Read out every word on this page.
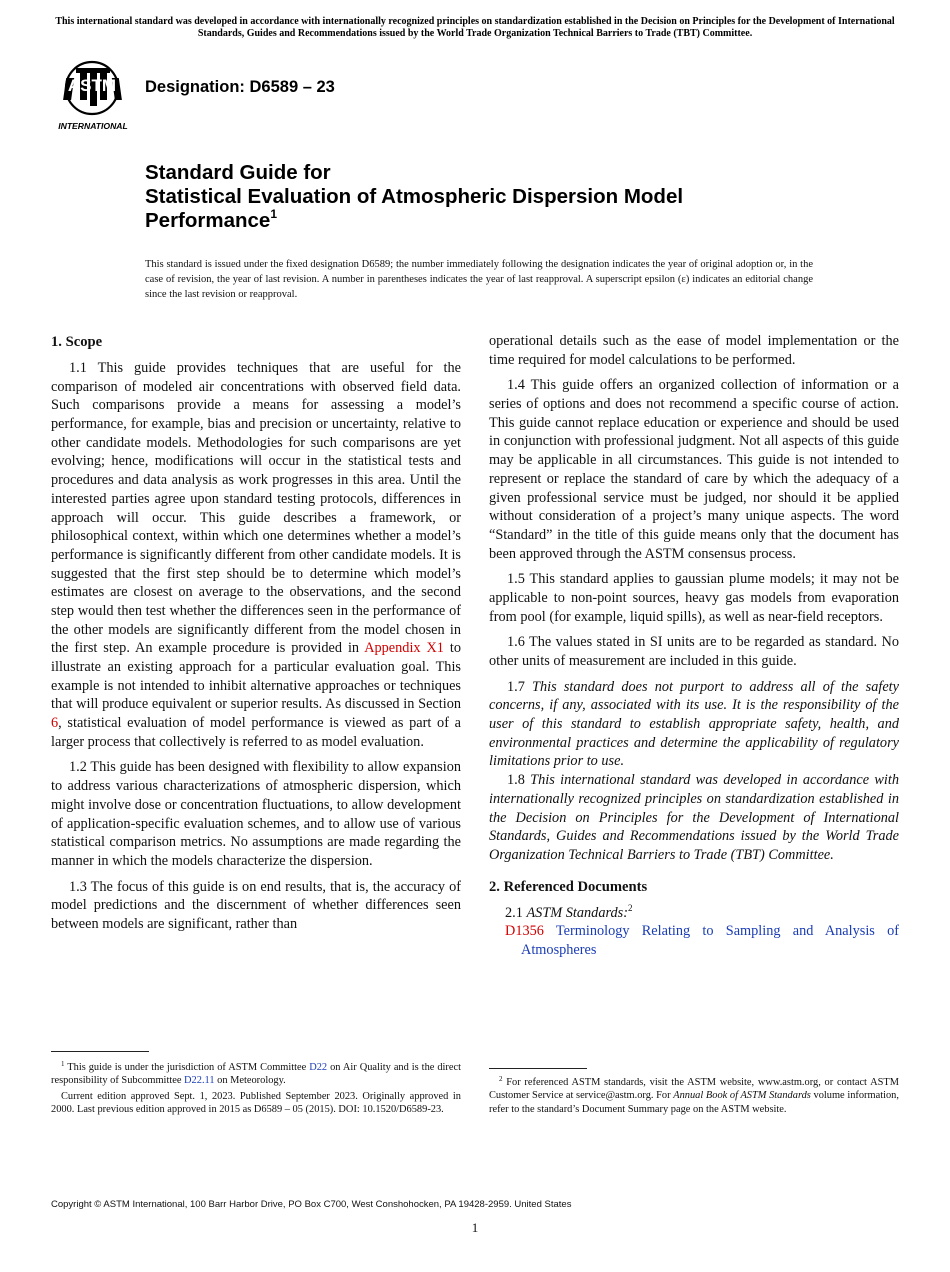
This international standard was developed in accordance with internationally recognized principles on standardization established in the Decision on Principles for the Development of International Standards, Guides and Recommendations issued by the World Trade Organization Technical Barriers to Trade (TBT) Committee.
ASTM
INTERNATIONAL
Designation: D6589 – 23
Standard Guide for
Statistical Evaluation of Atmospheric Dispersion Model
Performance$^1$
This standard is issued under the fixed designation D6589; the number immediately following the designation indicates the year of original adoption or, in the case of revision, the year of last revision. A number in parentheses indicates the year of last reapproval. A superscript epsilon (ε) indicates an editorial change since the last revision or reapproval.
1. Scope

1.1 This guide provides techniques that are useful for the comparison of modeled air concentrations with observed field data. Such comparisons provide a means for assessing a model’s performance, for example, bias and precision or uncertainty, relative to other candidate models. Methodologies for such comparisons are yet evolving; hence, modifications will occur in the statistical tests and procedures and data analysis as work progresses in this area. Until the interested parties agree upon standard testing protocols, differences in approach will occur. This guide describes a framework, or philosophical context, within which one determines whether a model’s performance is significantly different from other candidate models. It is suggested that the first step should be to determine which model’s estimates are closest on average to the observations, and the second step would then test whether the differences seen in the performance of the other models are significantly different from the model chosen in the first step. An example procedure is provided in Appendix X1 to illustrate an existing approach for a particular evaluation goal. This example is not intended to inhibit alternative approaches or techniques that will produce equivalent or superior results. As discussed in Section 6, statistical evaluation of model performance is viewed as part of a larger process that collectively is referred to as model evaluation.

1.2 This guide has been designed with flexibility to allow expansion to address various characterizations of atmospheric dispersion, which might involve dose or concentration fluctuations, to allow development of application-specific evaluation schemes, and to allow use of various statistical comparison metrics. No assumptions are made regarding the manner in which the models characterize the dispersion.

1.3 The focus of this guide is on end results, that is, the accuracy of model predictions and the discernment of whether differences seen between models are significant, rather than

operational details such as the ease of model implementation or the time required for model calculations to be performed.

1.4 This guide offers an organized collection of information or a series of options and does not recommend a specific course of action. This guide cannot replace education or experience and should be used in conjunction with professional judgment. Not all aspects of this guide may be applicable in all circumstances. This guide is not intended to represent or replace the standard of care by which the adequacy of a given professional service must be judged, nor should it be applied without consideration of a project’s many unique aspects. The word “Standard” in the title of this guide means only that the document has been approved through the ASTM consensus process.

1.5 This standard applies to gaussian plume models; it may not be applicable to non-point sources, heavy gas models from evaporation from pool (for example, liquid spills), as well as near-field receptors.

1.6 The values stated in SI units are to be regarded as standard. No other units of measurement are included in this guide.

1.7 This standard does not purport to address all of the safety concerns, if any, associated with its use. It is the responsibility of the user of this standard to establish appropriate safety, health, and environmental practices and determine the applicability of regulatory limitations prior to use.

1.8 This international standard was developed in accordance with internationally recognized principles on standardization established in the Decision on Principles for the Development of International Standards, Guides and Recommendations issued by the World Trade Organization Technical Barriers to Trade (TBT) Committee.

2. Referenced Documents

2.1 ASTM Standards:$^2$

D1356 Terminology Relating to Sampling and Analysis of Atmospheres

$^1$ This guide is under the jurisdiction of ASTM Committee D22 on Air Quality and is the direct responsibility of Subcommittee D22.11 on Meteorology.

Current edition approved Sept. 1, 2023. Published September 2023. Originally approved in 2000. Last previous edition approved in 2015 as D6589 – 05 (2015). DOI: 10.1520/D6589-23.

$^2$ For referenced ASTM standards, visit the ASTM website, www.astm.org, or contact ASTM Customer Service at service@astm.org. For Annual Book of ASTM Standards volume information, refer to the standard’s Document Summary page on the ASTM website.

Copyright © ASTM International, 100 Barr Harbor Drive, PO Box C700, West Conshohocken, PA 19428-2959. United States
1
